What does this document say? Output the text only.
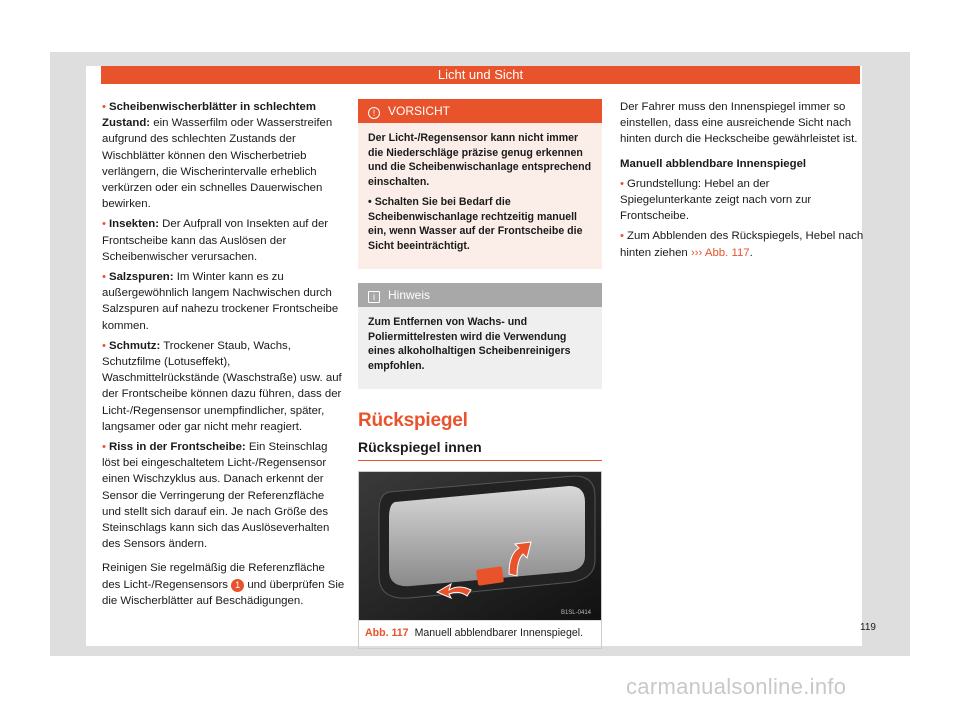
Licht und Sicht

• Scheibenwischerblätter in schlechtem Zustand: ein Wasserfilm oder Wasserstreifen aufgrund des schlechten Zustands der Wischblätter können den Wischerbetrieb verlängern, die Wischerintervalle erheblich verkürzen oder ein schnelles Dauerwischen bewirken.

• Insekten: Der Aufprall von Insekten auf der Frontscheibe kann das Auslösen der Scheibenwischer verursachen.

• Salzspuren: Im Winter kann es zu außergewöhnlich langem Nachwischen durch Salzspuren auf nahezu trockener Frontscheibe kommen.

• Schmutz: Trockener Staub, Wachs, Schutzfilme (Lotuseffekt), Waschmittelrückstände (Waschstraße) usw. auf der Frontscheibe können dazu führen, dass der Licht-/Regensensor unempfindlicher, später, langsamer oder gar nicht mehr reagiert.

• Riss in der Frontscheibe: Ein Steinschlag löst bei eingeschaltetem Licht-/Regensensor einen Wischzyklus aus. Danach erkennt der Sensor die Verringerung der Referenzfläche und stellt sich darauf ein. Je nach Größe des Steinschlags kann sich das Auslöseverhalten des Sensors ändern.

Reinigen Sie regelmäßig die Referenzfläche des Licht-/Regensensors 1 und überprüfen Sie die Wischerblätter auf Beschädigungen.

! VORSICHT

Der Licht-/Regensensor kann nicht immer die Niederschläge präzise genug erkennen und die Scheibenwischanlage entsprechend einschalten.

• Schalten Sie bei Bedarf die Scheibenwischanlage rechtzeitig manuell ein, wenn Wasser auf der Frontscheibe die Sicht beeinträchtigt.

i Hinweis

Zum Entfernen von Wachs- und Poliermittelresten wird die Verwendung eines alkoholhaltigen Scheibenreinigers empfohlen.

Rückspiegel
Rückspiegel innen
B1SL-0414
Abb. 117 Manuell abblendbarer Innenspiegel.

Der Fahrer muss den Innenspiegel immer so einstellen, dass eine ausreichende Sicht nach hinten durch die Heckscheibe gewährleistet ist.

Manuell abblendbare Innenspiegel

• Grundstellung: Hebel an der Spiegelunterkante zeigt nach vorn zur Frontscheibe.

• Zum Abblenden des Rückspiegels, Hebel nach hinten ziehen ››› Abb. 117.

119
carmanualsonline.info
